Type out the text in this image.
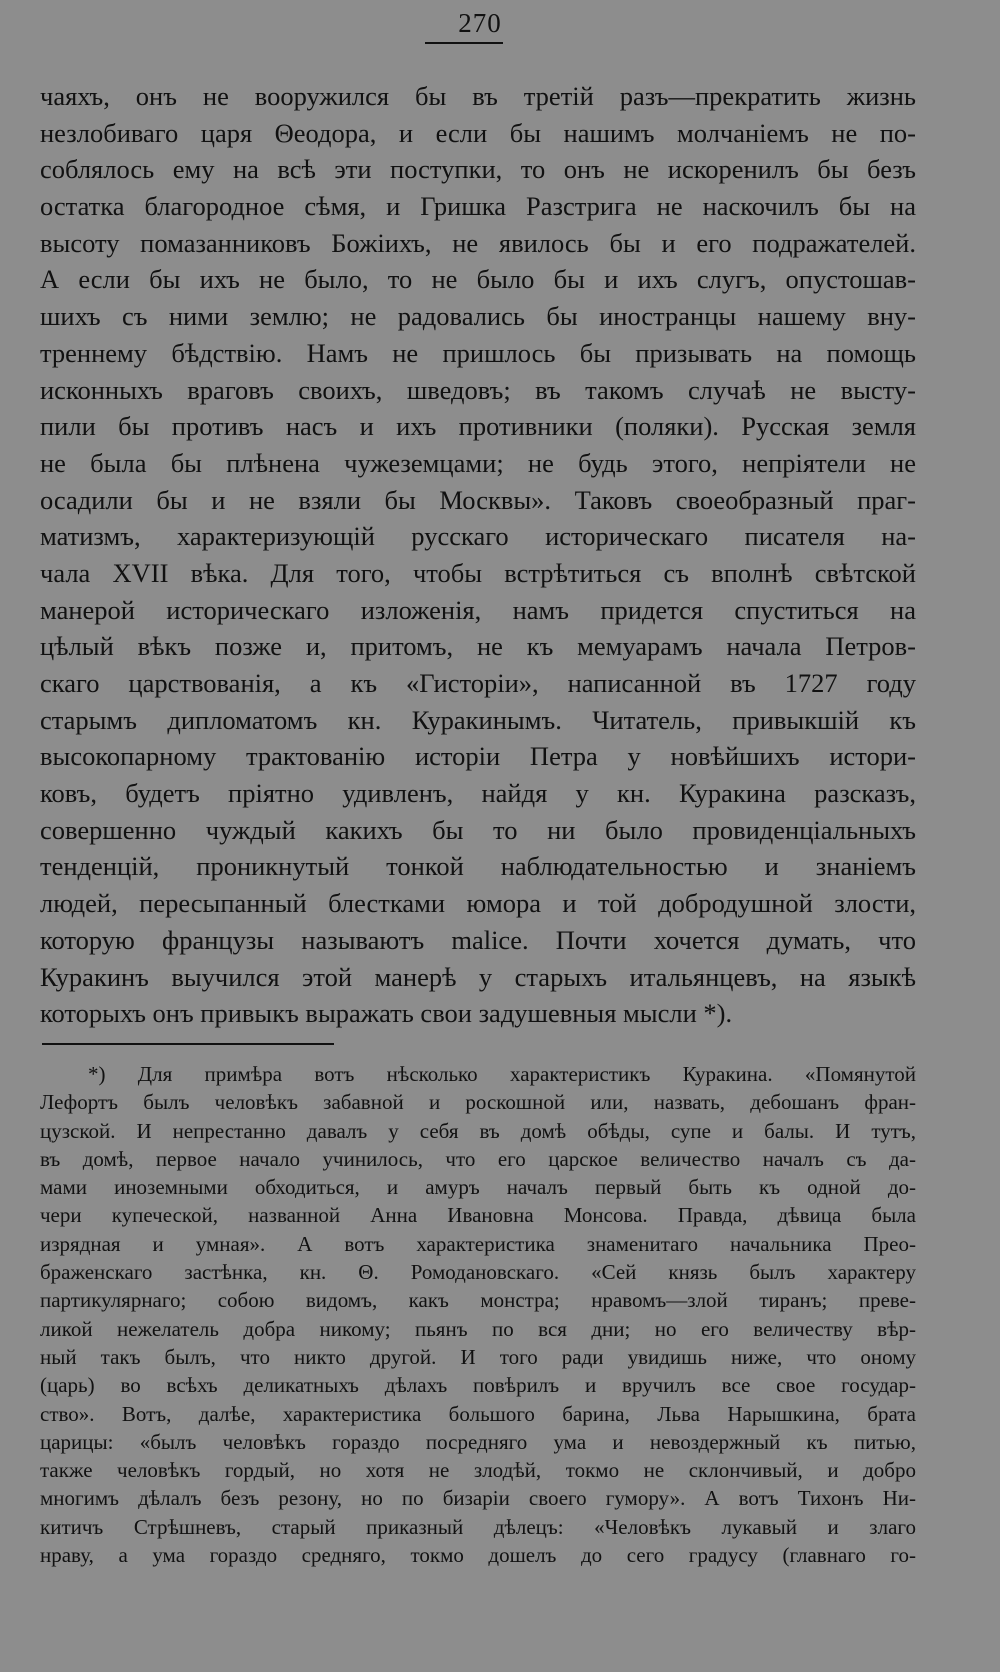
270
чаяхъ, онъ не вооружился бы въ третій разъ—прекратить жизнь
незлобиваго царя Θеодора, и если бы нашимъ молчаніемъ не по-
соблялось ему на всѣ эти поступки, то онъ не искоренилъ бы безъ
остатка благородное сѣмя, и Гришка Разстрига не наскочилъ бы на
высоту помазанниковъ Божіихъ, не явилось бы и его подражателей.
А если бы ихъ не было, то не было бы и ихъ слугъ, опустошав-
шихъ съ ними землю; не радовались бы иностранцы нашему вну-
треннему бѣдствію. Намъ не пришлось бы призывать на помощь
исконныхъ враговъ своихъ, шведовъ; въ такомъ случаѣ не высту-
пили бы противъ насъ и ихъ противники (поляки). Русская земля
не была бы плѣнена чужеземцами; не будь этого, непріятели не
осадили бы и не взяли бы Москвы». Таковъ своеобразный праг-
матизмъ, характеризующій русскаго историческаго писателя на-
чала XVII вѣка. Для того, чтобы встрѣтиться съ вполнѣ свѣтской
манерой историческаго изложенія, намъ придется спуститься на
цѣлый вѣкъ позже и, притомъ, не къ мемуарамъ начала Петров-
скаго царствованія, а къ «Гисторіи», написанной въ 1727 году
старымъ дипломатомъ кн. Куракинымъ. Читатель, привыкшій къ
высокопарному трактованію исторіи Петра у новѣйшихъ истори-
ковъ, будетъ пріятно удивленъ, найдя у кн. Куракина разсказъ,
совершенно чуждый какихъ бы то ни было провиденціальныхъ
тенденцій, проникнутый тонкой наблюдательностью и знаніемъ
людей, пересыпанный блестками юмора и той добродушной злости,
которую французы называютъ malice. Почти хочется думать, что
Куракинъ выучился этой манерѣ у старыхъ итальянцевъ, на языкѣ
которыхъ онъ привыкъ выражать свои задушевныя мысли *).
*) Для примѣра вотъ нѣсколько характеристикъ Куракина. «Помянутой
Лефортъ былъ человѣкъ забавной и роскошной или, назвать, дебошанъ фран-
цузской. И непрестанно давалъ у себя въ домѣ обѣды, супе и балы. И тутъ,
въ домѣ, первое начало учинилось, что его царское величество началъ съ да-
мами иноземными обходиться, и амуръ началъ первый быть къ одной до-
чери купеческой, названной Анна Ивановна Монсова. Правда, дѣвица была
изрядная и умная». А вотъ характеристика знаменитаго начальника Прео-
браженскаго застѣнка, кн. Θ. Ромодановскаго. «Сей князь былъ характеру
партикулярнаго; собою видомъ, какъ монстра; нравомъ—злой тиранъ; преве-
ликой нежелатель добра никому; пьянъ по вся дни; но его величеству вѣр-
ный такъ былъ, что никто другой. И того ради увидишь ниже, что оному
(царь) во всѣхъ деликатныхъ дѣлахъ повѣрилъ и вручилъ все свое государ-
ство». Вотъ, далѣе, характеристика большого барина, Льва Нарышкина, брата
царицы: «былъ человѣкъ гораздо посредняго ума и невоздержный къ питью,
также человѣкъ гордый, но хотя не злодѣй, токмо не склончивый, и добро
многимъ дѣлалъ безъ резону, но по бизаріи своего гумору». А вотъ Тихонъ Ни-
китичъ Стрѣшневъ, старый приказный дѣлецъ: «Человѣкъ лукавый и злаго
нраву, а ума гораздо средняго, токмо дошелъ до сего градусу (главнаго го-
